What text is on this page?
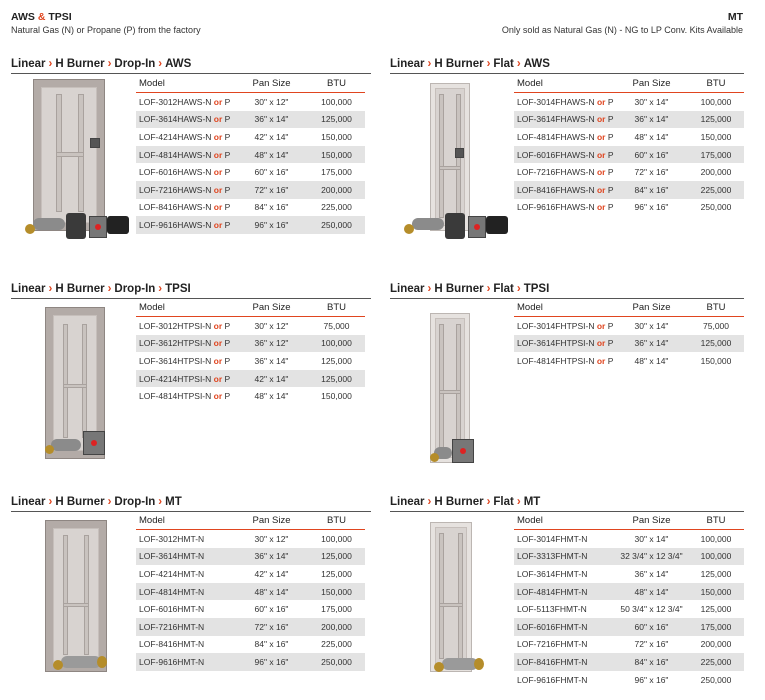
AWS & TPSI
Natural Gas (N) or Propane (P) from the factory
MT
Only sold as Natural Gas (N) - NG to LP Conv. Kits Available
Linear › H Burner › Drop-In › AWS
Model	Pan Size	BTU
LOF-3012HAWS-N or P	30" x 12"	100,000
LOF-3614HAWS-N or P	36" x 14"	125,000
LOF-4214HAWS-N or P	42" x 14"	150,000
LOF-4814HAWS-N or P	48" x 14"	150,000
LOF-6016HAWS-N or P	60" x 16"	175,000
LOF-7216HAWS-N or P	72" x 16"	200,000
LOF-8416HAWS-N or P	84" x 16"	225,000
LOF-9616HAWS-N or P	96" x 16"	250,000
Linear › H Burner › Flat › AWS
Model	Pan Size	BTU
LOF-3014FHAWS-N or P	30" x 14"	100,000
LOF-3614FHAWS-N or P	36" x 14"	125,000
LOF-4814FHAWS-N or P	48" x 14"	150,000
LOF-6016FHAWS-N or P	60" x 16"	175,000
LOF-7216FHAWS-N or P	72" x 16"	200,000
LOF-8416FHAWS-N or P	84" x 16"	225,000
LOF-9616FHAWS-N or P	96" x 16"	250,000
Linear › H Burner › Drop-In › TPSI
Model	Pan Size	BTU
LOF-3012HTPSI-N or P	30" x 12"	75,000
LOF-3612HTPSI-N or P	36" x 12"	100,000
LOF-3614HTPSI-N or P	36" x 14"	125,000
LOF-4214HTPSI-N or P	42" x 14"	125,000
LOF-4814HTPSI-N or P	48" x 14"	150,000
Linear › H Burner › Flat › TPSI
Model	Pan Size	BTU
LOF-3014FHTPSI-N or P	30" x 14"	75,000
LOF-3614FHTPSI-N or P	36" x 14"	125,000
LOF-4814FHTPSI-N or P	48" x 14"	150,000
Linear › H Burner › Drop-In › MT
Model	Pan Size	BTU
LOF-3012HMT-N	30" x 12"	100,000
LOF-3614HMT-N	36" x 14"	125,000
LOF-4214HMT-N	42" x 14"	125,000
LOF-4814HMT-N	48" x 14"	150,000
LOF-6016HMT-N	60" x 16"	175,000
LOF-7216HMT-N	72" x 16"	200,000
LOF-8416HMT-N	84" x 16"	225,000
LOF-9616HMT-N	96" x 16"	250,000
Linear › H Burner › Flat › MT
Model	Pan Size	BTU
LOF-3014FHMT-N	30" x 14"	100,000
LOF-3313FHMT-N	32 3/4" x 12 3/4"	100,000
LOF-3614FHMT-N	36" x 14"	125,000
LOF-4814FHMT-N	48" x 14"	150,000
LOF-5113FHMT-N	50 3/4" x 12 3/4"	125,000
LOF-6016FHMT-N	60" x 16"	175,000
LOF-7216FHMT-N	72" x 16"	200,000
LOF-8416FHMT-N	84" x 16"	225,000
LOF-9616FHMT-N	96" x 16"	250,000
